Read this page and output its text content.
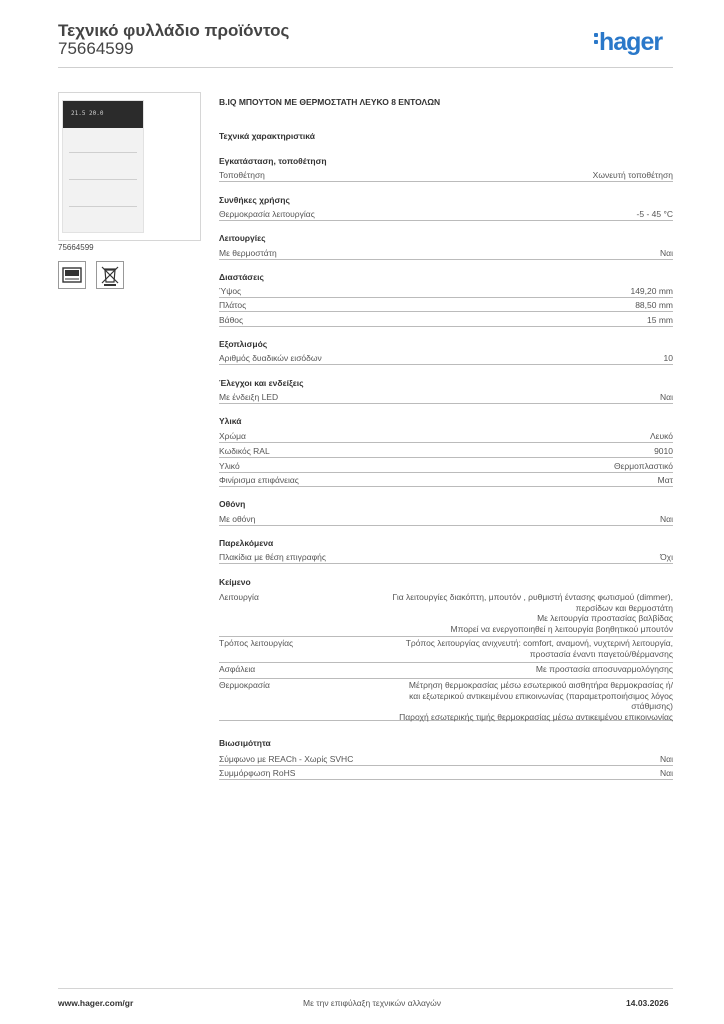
Τεχνικό φυλλάδιο προϊόντος
75664599	hager
21.5 20.0
75664599
B.IQ ΜΠΟΥΤΟΝ ΜΕ ΘΕΡΜΟΣΤΑΤΗ ΛΕΥΚΟ 8 ΕΝΤΟΛΩΝ
Τεχνικά χαρακτηριστικά
Εγκατάσταση, τοποθέτηση
Τοποθέτηση	Χωνευτή τοποθέτηση
Συνθήκες χρήσης
Θερμοκρασία λειτουργίας	-5 - 45 °C
Λειτουργίες
Με θερμοστάτη	Ναι
Διαστάσεις
Ύψος	149,20 mm
Πλάτος	88,50 mm
Βάθος	15 mm
Εξοπλισμός
Αριθμός δυαδικών εισόδων	10
Έλεγχοι και ενδείξεις
Με ένδειξη LED	Ναι
Υλικά
Χρώμα	Λευκό
Κωδικός RAL	9010
Υλικό	Θερμοπλαστικό
Φινίρισμα επιφάνειας	Ματ
Οθόνη
Με οθόνη	Ναι
Παρελκόμενα
Πλακίδια με θέση επιγραφής	Όχι
Κείμενο
Λειτουργία	Για λειτουργίες διακόπτη, μπουτόν , ρυθμιστή έντασης φωτισμού (dimmer),
περσίδων και θερμοστάτη
Με λειτουργία προστασίας βαλβίδας
Μπορεί να ενεργοποιηθεί η λειτουργία βοηθητικού μπουτόν
Τρόπος λειτουργίας	Τρόπος λειτουργίας ανιχνευτή: comfort, αναμονή, νυχτερινή λειτουργία,
προστασία έναντι παγετού/θέρμανσης
Ασφάλεια	Με προστασία αποσυναρμολόγησης
Θερμοκρασία	Μέτρηση θερμοκρασίας μέσω εσωτερικού αισθητήρα θερμοκρασίας ή/
και εξωτερικού αντικειμένου επικοινωνίας (παραμετροποιήσιμος λόγος
στάθμισης)
Παροχή εσωτερικής τιμής θερμοκρασίας μέσω αντικειμένου επικοινωνίας
Βιωσιμότητα
Σύμφωνο με REACh - Χωρίς SVHC	Ναι
Συμμόρφωση RoHS	Ναι
www.hager.com/gr	Με την επιφύλαξη τεχνικών αλλαγών	14.03.2026
